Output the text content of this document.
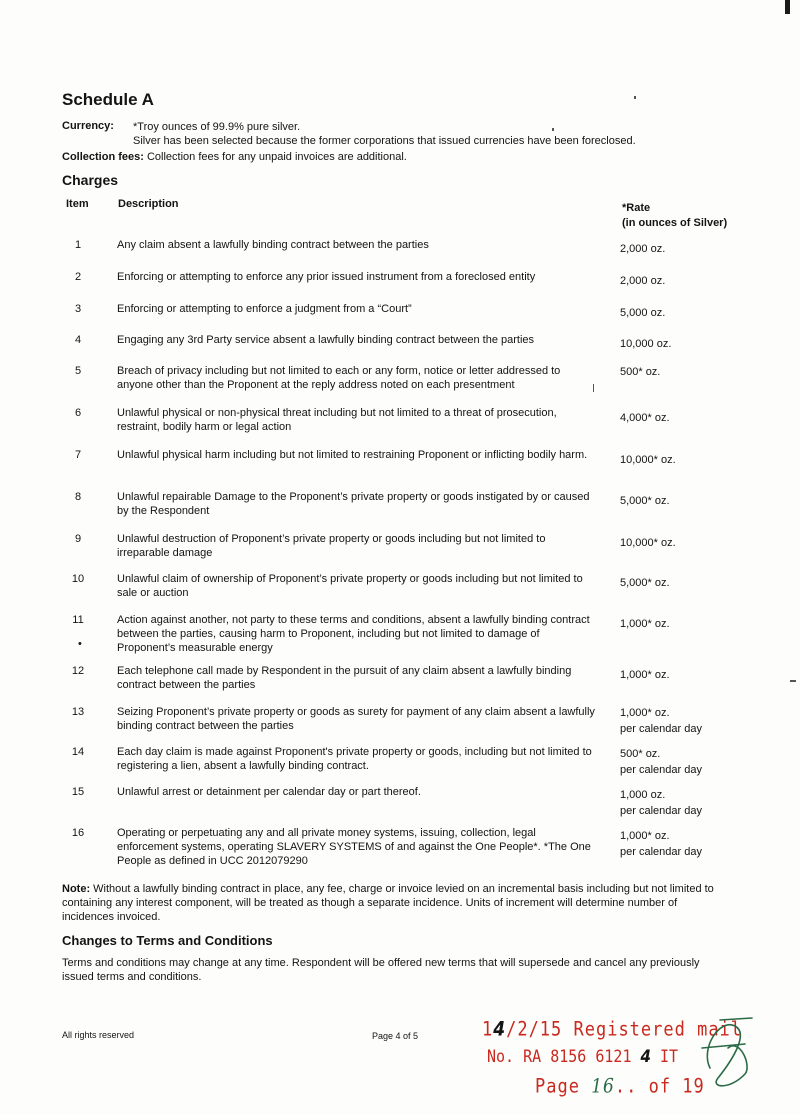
Schedule A
Currency: *Troy ounces of 99.9% pure silver.
Silver has been selected because the former corporations that issued currencies have been foreclosed.
Collection fees: Collection fees for any unpaid invoices are additional.
Charges
Item	Description	*Rate
(in ounces of Silver)
1	Any claim absent a lawfully binding contract between the parties	2,000 oz.
2	Enforcing or attempting to enforce any prior issued instrument from a foreclosed entity	2,000 oz.
3	Enforcing or attempting to enforce a judgment from a “Court”	5,000 oz.
4	Engaging any 3rd Party service absent a lawfully binding contract between the parties	10,000 oz.
5	Breach of privacy including but not limited to each or any form, notice or letter addressed to anyone other than the Proponent at the reply address noted on each presentment
500* oz.
6	Unlawful physical or non-physical threat including but not limited to a threat of prosecution, restraint, bodily harm or legal action
4,000* oz.
7	Unlawful physical harm including but not limited to restraining Proponent or inflicting bodily harm.	10,000* oz.
8	Unlawful repairable Damage to the Proponent’s private property or goods instigated by or caused by the Respondent
5,000* oz.
9	Unlawful destruction of Proponent’s private property or goods including but not limited to irreparable damage
10,000* oz.
10	Unlawful claim of ownership of Proponent’s private property or goods including but not limited to sale or auction
5,000* oz.
11	Action against another, not party to these terms and conditions, absent a lawfully binding contract between the parties, causing harm to Proponent, including but not limited to damage of Proponent’s measurable energy
1,000* oz.
12	Each telephone call made by Respondent in the pursuit of any claim absent a lawfully binding contract between the parties
1,000* oz.
13	Seizing Proponent’s private property or goods as surety for payment of any claim absent a lawfully binding contract between the parties
1,000* oz.
per calendar day
14	Each day claim is made against Proponent's private property or goods, including but not limited to registering a lien, absent a lawfully binding contract.
500* oz.
per calendar day
15	Unlawful arrest or detainment per calendar day or part thereof.	1,000 oz.
per calendar day
16	Operating or perpetuating any and all private money systems, issuing, collection, legal enforcement systems, operating SLAVERY SYSTEMS of and against the One People*. *The One People as defined in UCC 2012079290
1,000* oz.
per calendar day
•
Note: Without a lawfully binding contract in place, any fee, charge or invoice levied on an incremental basis including but not limited to containing any interest component, will be treated as though a separate incidence. Units of increment will determine number of incidences invoiced.
Changes to Terms and Conditions
Terms and conditions may change at any time. Respondent will be offered new terms that will supersede and cancel any previously issued terms and conditions.
All rights reserved	Page 4 of 5	14/2/15 Registered mail
No. RA 8156 6121 4 IT
Page 16.. of 19
